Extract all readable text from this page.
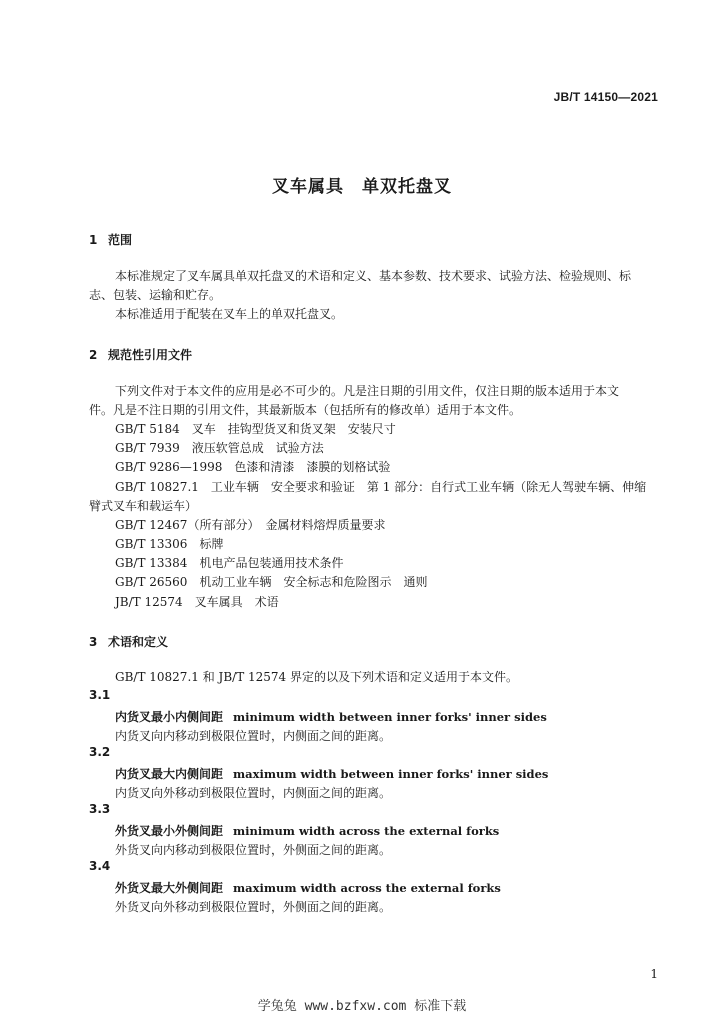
JB/T 14150—2021
叉车属具　单双托盘叉
1 范围
本标准规定了叉车属具单双托盘叉的术语和定义、基本参数、技术要求、试验方法、检验规则、标
志、包装、运输和贮存。
本标准适用于配装在叉车上的单双托盘叉。
2 规范性引用文件
下列文件对于本文件的应用是必不可少的。凡是注日期的引用文件，仅注日期的版本适用于本文
件。凡是不注日期的引用文件，其最新版本（包括所有的修改单）适用于本文件。
GB/T 5184　叉车　挂钩型货叉和货叉架　安装尺寸
GB/T 7939　液压软管总成　试验方法
GB/T 9286—1998　色漆和清漆　漆膜的划格试验
GB/T 10827.1　工业车辆　安全要求和验证　第 1 部分：自行式工业车辆（除无人驾驶车辆、伸缩
臂式叉车和载运车）
GB/T 12467（所有部分）　金属材料熔焊质量要求
GB/T 13306　标牌
GB/T 13384　机电产品包装通用技术条件
GB/T 26560　机动工业车辆　安全标志和危险图示　通则
JB/T 12574　叉车属具　术语
3 术语和定义
GB/T 10827.1 和 JB/T 12574 界定的以及下列术语和定义适用于本文件。
3.1
内货叉最小内侧间距 minimum width between inner forks' inner sides
内货叉向内移动到极限位置时，内侧面之间的距离。
3.2
内货叉最大内侧间距 maximum width between inner forks' inner sides
内货叉向外移动到极限位置时，内侧面之间的距离。
3.3
外货叉最小外侧间距 minimum width across the external forks
外货叉向内移动到极限位置时，外侧面之间的距离。
3.4
外货叉最大外侧间距 maximum width across the external forks
外货叉向外移动到极限位置时，外侧面之间的距离。
1
学兔兔 www.bzfxw.com 标准下载
